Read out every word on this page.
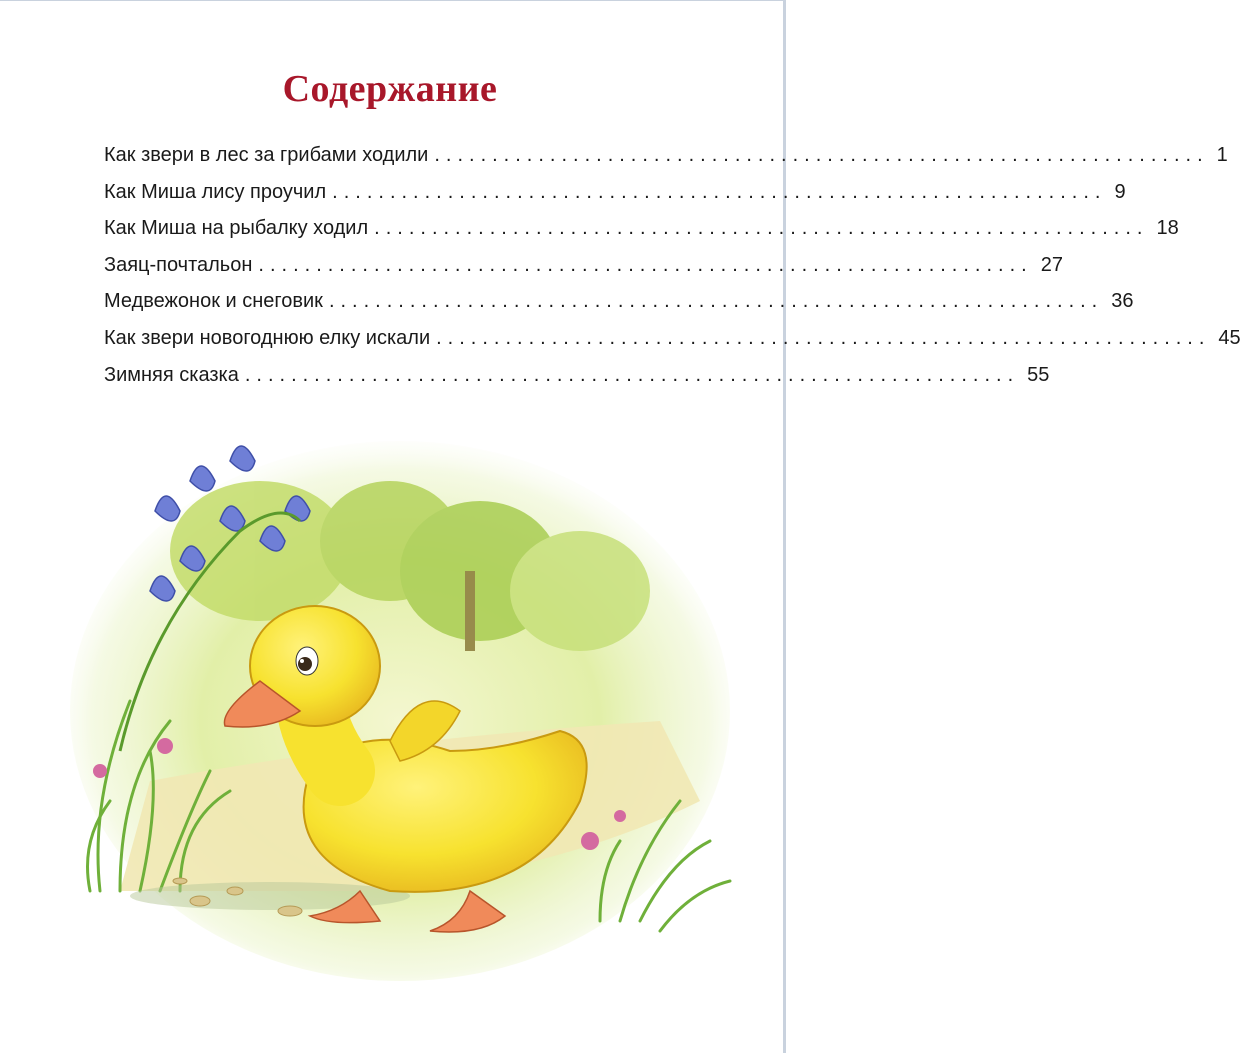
Содержание
Как звери в лес за грибами ходили ................................................................... 1
Как Миша лису проучил ................................................................... 9
Как Миша на рыбалку ходил ................................................................... 18
Заяц-почтальон ................................................................... 27
Медвежонок и снеговик ................................................................... 36
Как звери новогоднюю елку искали ................................................................... 45
Зимняя сказка ................................................................... 55
